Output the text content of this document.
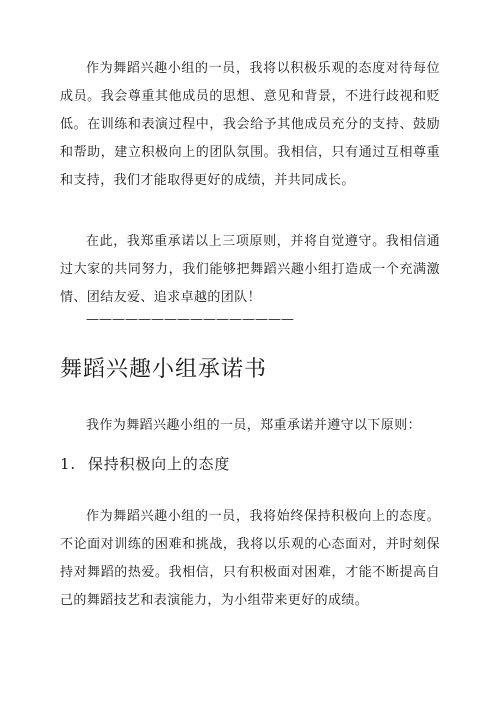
作为舞蹈兴趣小组的一员，我将以积极乐观的态度对待每位成员。我会尊重其他成员的思想、意见和背景，不进行歧视和贬低。在训练和表演过程中，我会给予其他成员充分的支持、鼓励和帮助，建立积极向上的团队氛围。我相信，只有通过互相尊重和支持，我们才能取得更好的成绩，并共同成长。

在此，我郑重承诺以上三项原则，并将自觉遵守。我相信通过大家的共同努力，我们能够把舞蹈兴趣小组打造成一个充满激情、团结友爱、追求卓越的团队！

————————————————
舞蹈兴趣小组承诺书

我作为舞蹈兴趣小组的一员，郑重承诺并遵守以下原则：

1. 保持积极向上的态度

作为舞蹈兴趣小组的一员，我将始终保持积极向上的态度。不论面对训练的困难和挑战，我将以乐观的心态面对，并时刻保持对舞蹈的热爱。我相信，只有积极面对困难，才能不断提高自己的舞蹈技艺和表演能力，为小组带来更好的成绩。
